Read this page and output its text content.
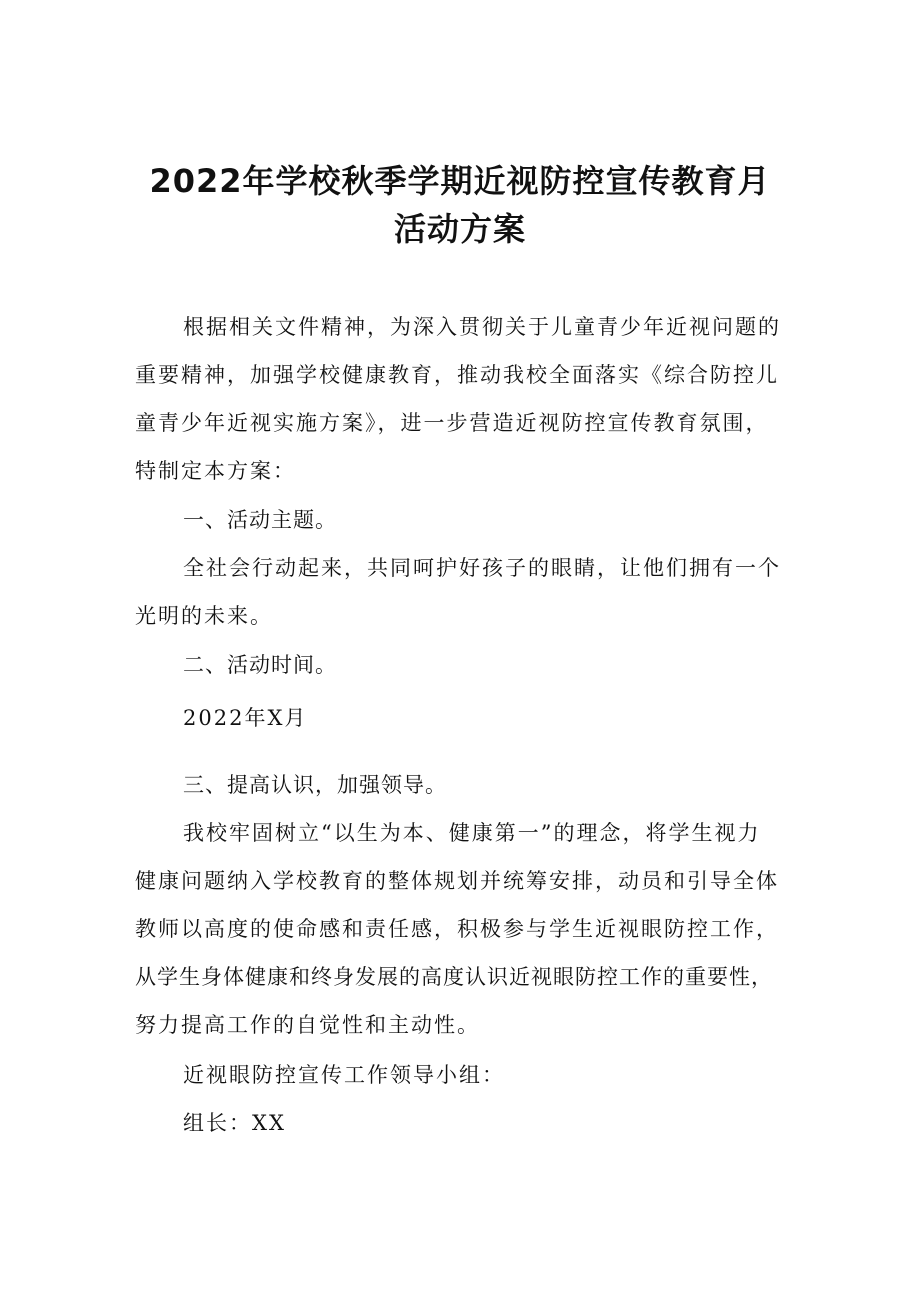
2022年学校秋季学期近视防控宣传教育月
活动方案

根据相关文件精神，为深入贯彻关于儿童青少年近视问题的

重要精神，加强学校健康教育，推动我校全面落实《综合防控儿

童青少年近视实施方案》，进一步营造近视防控宣传教育氛围，

特制定本方案：

一、活动主题。

全社会行动起来，共同呵护好孩子的眼睛，让他们拥有一个

光明的未来。

二、活动时间。

2022年X月

三、提高认识，加强领导。

我校牢固树立“以生为本、健康第一”的理念，将学生视力

健康问题纳入学校教育的整体规划并统筹安排，动员和引导全体

教师以高度的使命感和责任感，积极参与学生近视眼防控工作，

从学生身体健康和终身发展的高度认识近视眼防控工作的重要性，

努力提高工作的自觉性和主动性。

近视眼防控宣传工作领导小组：

组长：XX
